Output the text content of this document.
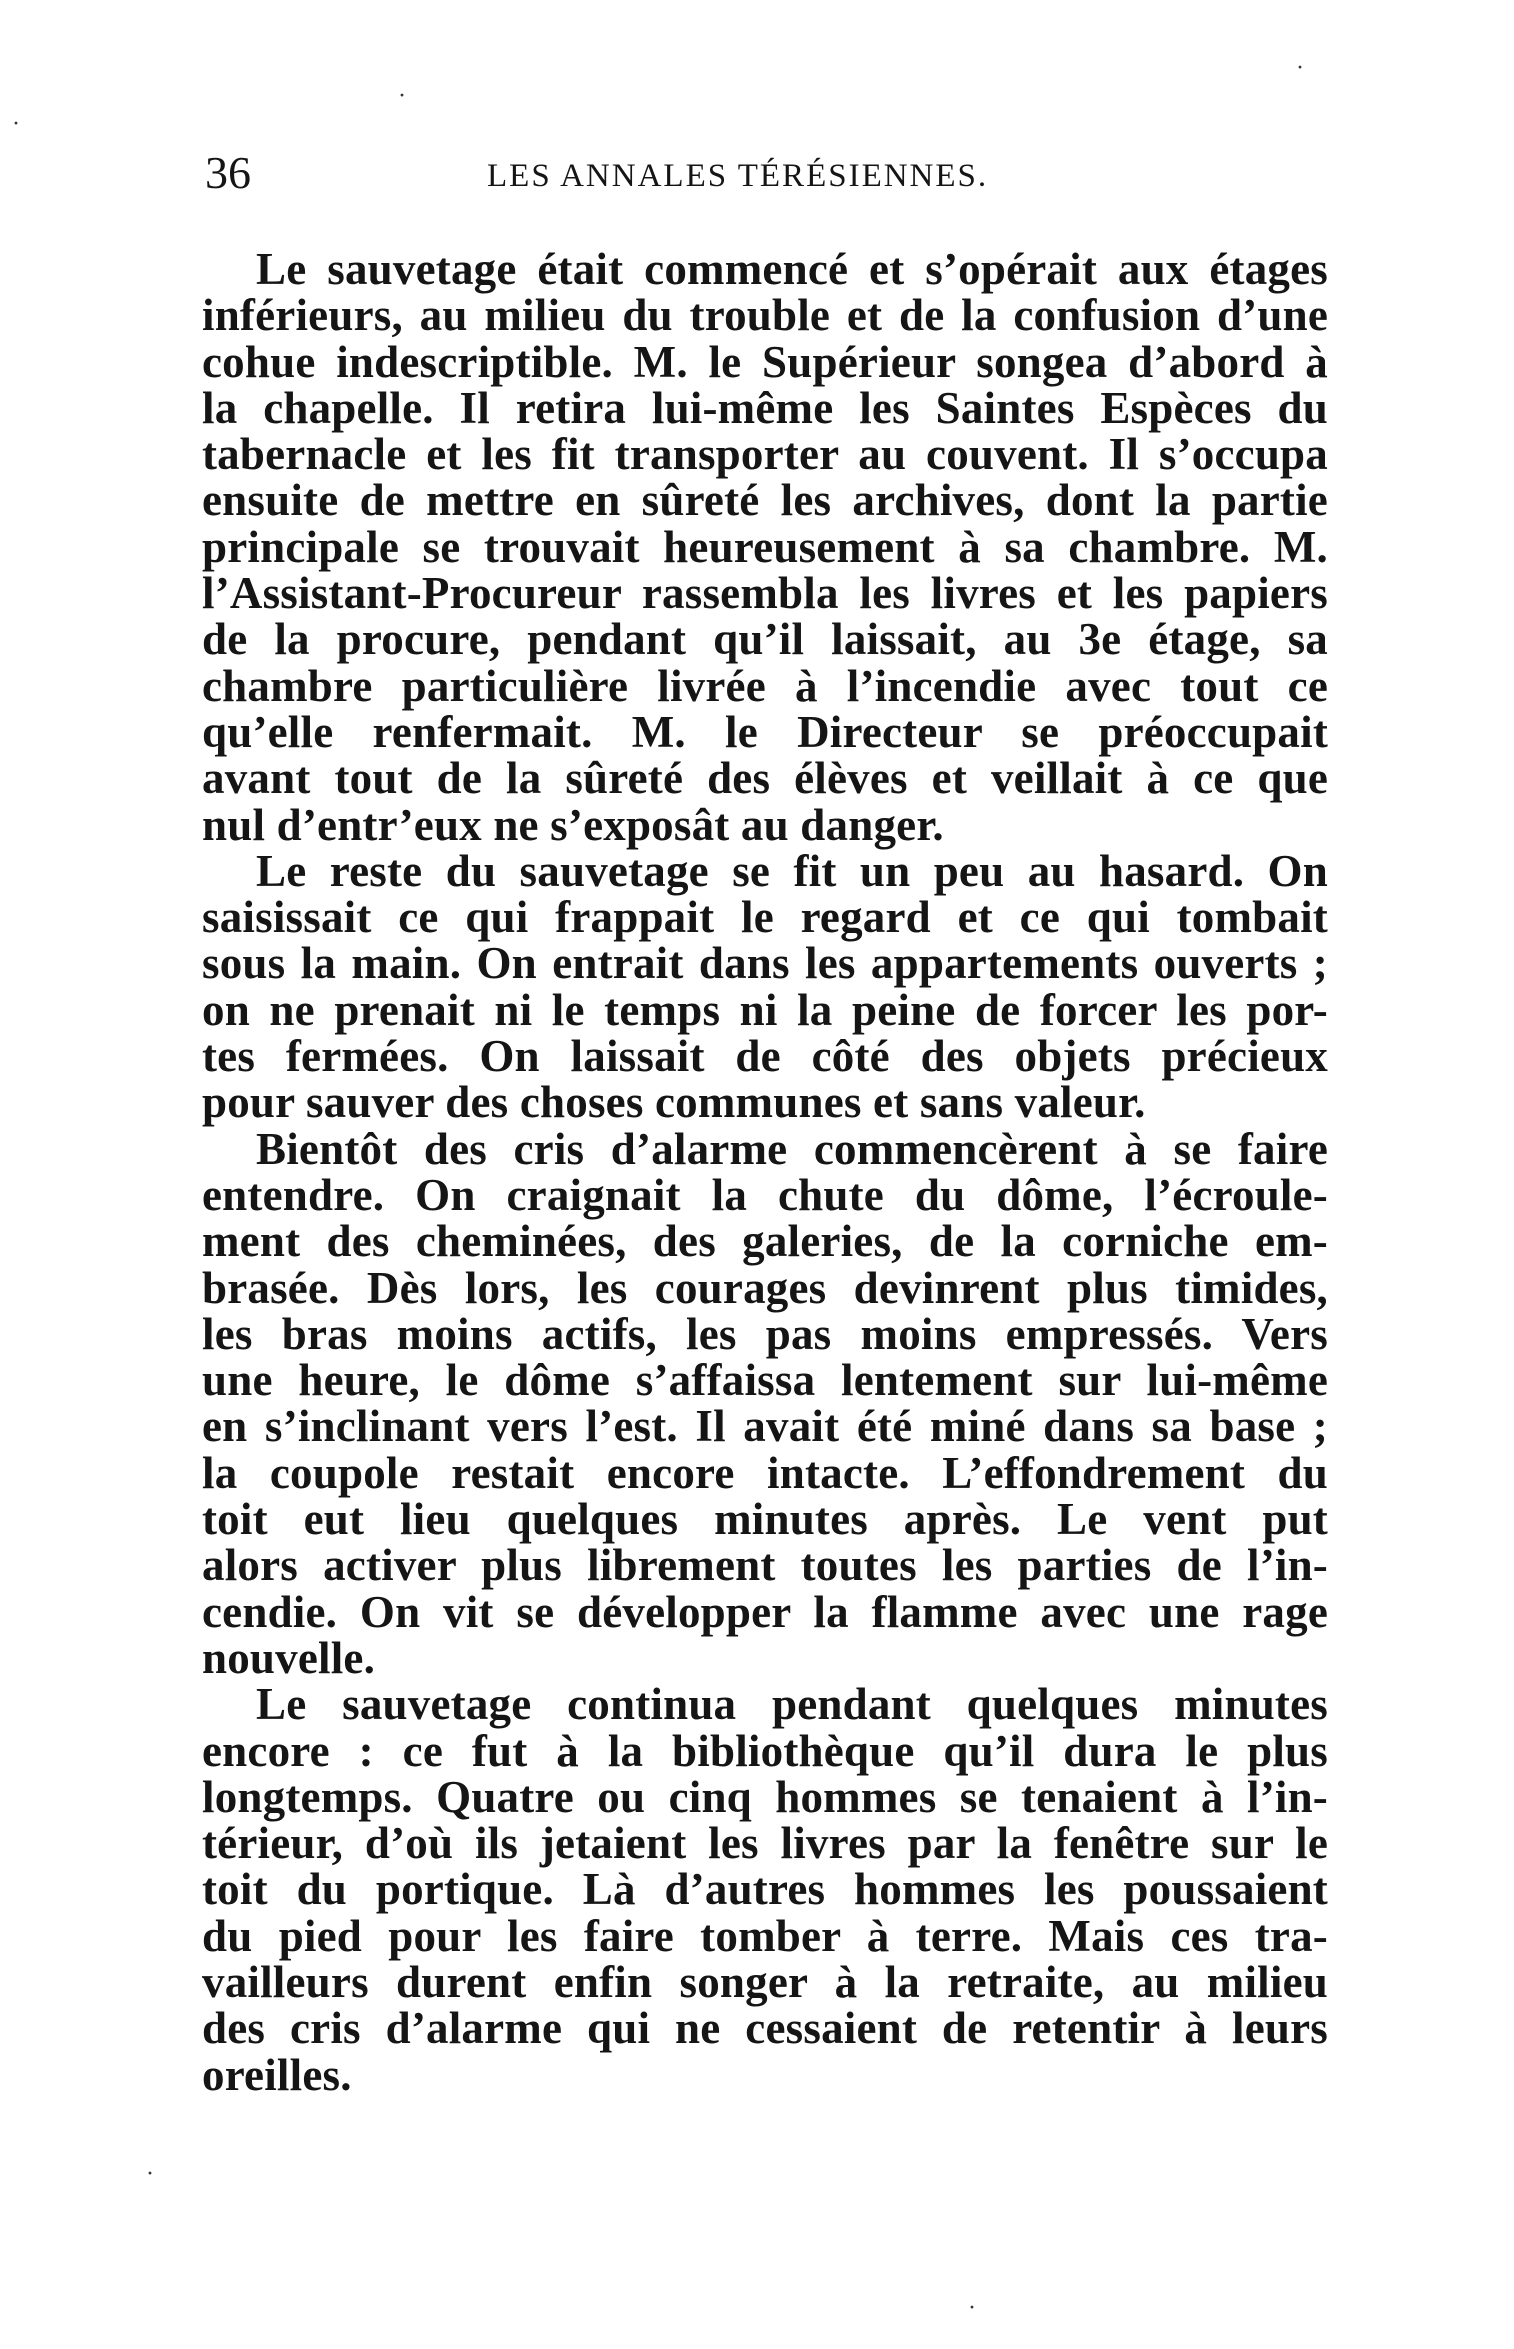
36	LES ANNALES TÉRÉSIENNES.
Le sauvetage était commencé et s’opérait aux étages
inférieurs, au milieu du trouble et de la confusion d’une
cohue indescriptible. M. le Supérieur songea d’abord à
la chapelle. Il retira lui-même les Saintes Espèces du
tabernacle et les fit transporter au couvent. Il s’occupa
ensuite de mettre en sûreté les archives, dont la partie
principale se trouvait heureusement à sa chambre. M.
l’Assistant-Procureur rassembla les livres et les papiers
de la procure, pendant qu’il laissait, au 3e étage, sa
chambre particulière livrée à l’incendie avec tout ce
qu’elle renfermait. M. le Directeur se préoccupait
avant tout de la sûreté des élèves et veillait à ce que
nul d’entr’eux ne s’exposât au danger.
Le reste du sauvetage se fit un peu au hasard. On
saisissait ce qui frappait le regard et ce qui tombait
sous la main. On entrait dans les appartements ouverts ;
on ne prenait ni le temps ni la peine de forcer les por-
tes fermées. On laissait de côté des objets précieux
pour sauver des choses communes et sans valeur.
Bientôt des cris d’alarme commencèrent à se faire
entendre. On craignait la chute du dôme, l’écroule-
ment des cheminées, des galeries, de la corniche em-
brasée. Dès lors, les courages devinrent plus timides,
les bras moins actifs, les pas moins empressés. Vers
une heure, le dôme s’affaissa lentement sur lui-même
en s’inclinant vers l’est. Il avait été miné dans sa base ;
la coupole restait encore intacte. L’effondrement du
toit eut lieu quelques minutes après. Le vent put
alors activer plus librement toutes les parties de l’in-
cendie. On vit se développer la flamme avec une rage
nouvelle.
Le sauvetage continua pendant quelques minutes
encore : ce fut à la bibliothèque qu’il dura le plus
longtemps. Quatre ou cinq hommes se tenaient à l’in-
térieur, d’où ils jetaient les livres par la fenêtre sur le
toit du portique. Là d’autres hommes les poussaient
du pied pour les faire tomber à terre. Mais ces tra-
vailleurs durent enfin songer à la retraite, au milieu
des cris d’alarme qui ne cessaient de retentir à leurs
oreilles.
·
·
·
·
·
